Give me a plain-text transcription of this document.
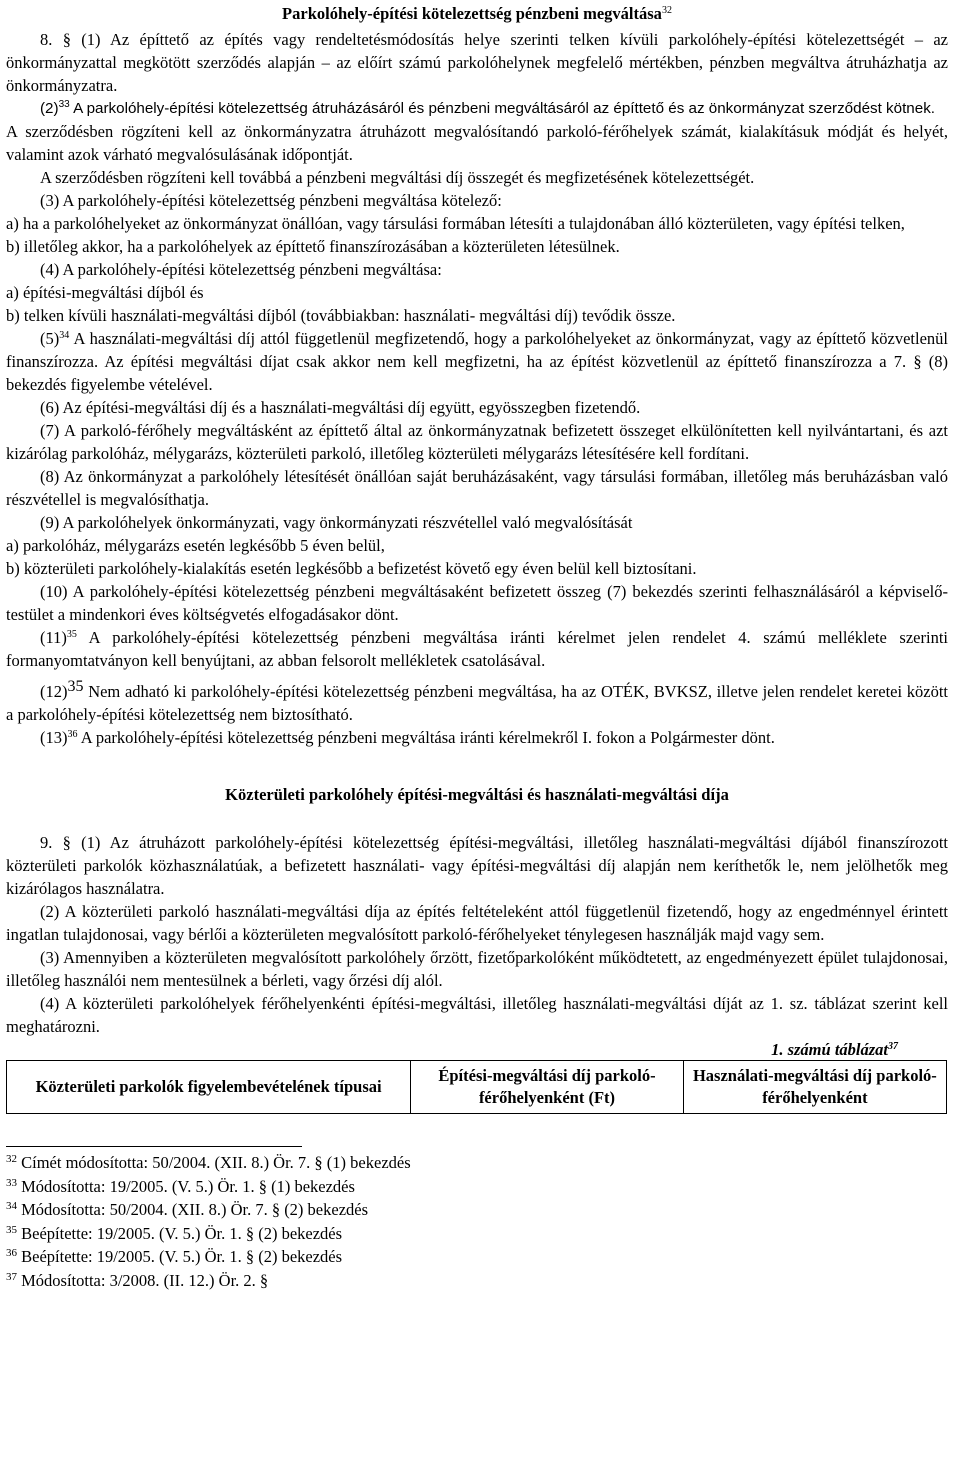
Parkolóhely-építési kötelezettség pénzbeni megváltása$^{32}$

8. § (1) Az építtető az építés vagy rendeltetésmódosítás helye szerinti telken kívüli parkolóhely-építési kötelezettségét – az önkormányzattal megkötött szerződés alapján – az előírt számú parkolóhelynek megfelelő mértékben, pénzben megváltva átruházhatja az önkormányzatra.

$(2)^{33}$ A parkolóhely-építési kötelezettség átruházásáról és pénzbeni megváltásáról az építtető és az önkormányzat szerződést kötnek.

A szerződésben rögzíteni kell az önkormányzatra átruházott megvalósítandó parkoló-férőhelyek számát, kialakításuk módját és helyét, valamint azok várható megvalósulásának időpontját.

A szerződésben rögzíteni kell továbbá a pénzbeni megváltási díj összegét és megfizetésének kötelezettségét.

(3) A parkolóhely-építési kötelezettség pénzbeni megváltása kötelező:

a) ha a parkolóhelyeket az önkormányzat önállóan, vagy társulási formában létesíti a tulajdonában álló közterületen, vagy építési telken,

b) illetőleg akkor, ha a parkolóhelyek az építtető finanszírozásában a közterületen létesülnek.

(4) A parkolóhely-építési kötelezettség pénzbeni megváltása:

a) építési-megváltási díjból és

b) telken kívüli használati-megváltási díjból (továbbiakban: használati- megváltási díj) tevődik össze.

$(5)^{34}$ A használati-megváltási díj attól függetlenül megfizetendő, hogy a parkolóhelyeket az önkormányzat, vagy az építtető közvetlenül finanszírozza. Az építési megváltási díjat csak akkor nem kell megfizetni, ha az építést közvetlenül az építtető finanszírozza a 7. § (8) bekezdés figyelembe vételével.

(6) Az építési-megváltási díj és a használati-megváltási díj együtt, egyösszegben fizetendő.

(7) A parkoló-férőhely megváltásként az építtető által az önkormányzatnak befizetett összeget elkülönítetten kell nyilvántartani, és azt kizárólag parkolóház, mélygarázs, közterületi parkoló, illetőleg közterületi mélygarázs létesítésére kell fordítani.

(8) Az önkormányzat a parkolóhely létesítését önállóan saját beruházásaként, vagy társulási formában, illetőleg más beruházásban való részvétellel is megvalósíthatja.

(9) A parkolóhelyek önkormányzati, vagy önkormányzati részvétellel való megvalósítását

a) parkolóház, mélygarázs esetén legkésőbb 5 éven belül,

b) közterületi parkolóhely-kialakítás esetén legkésőbb a befizetést követő egy éven belül kell biztosítani.

(10) A parkolóhely-építési kötelezettség pénzbeni megváltásaként befizetett összeg (7) bekezdés szerinti felhasználásáról a képviselő-testület a mindenkori éves költségvetés elfogadásakor dönt.

$(11)^{35}$ A parkolóhely-építési kötelezettség pénzbeni megváltása iránti kérelmet jelen rendelet 4. számú melléklete szerinti formanyomtatványon kell benyújtani, az abban felsorolt mellékletek csatolásával.

$(12)^{35}$ Nem adható ki parkolóhely-építési kötelezettség pénzbeni megváltása, ha az OTÉK, BVKSZ, illetve jelen rendelet keretei között a parkolóhely-építési kötelezettség nem biztosítható.

$(13)^{36}$ A parkolóhely-építési kötelezettség pénzbeni megváltása iránti kérelmekről I. fokon a Polgármester dönt.

Közterületi parkolóhely építési-megváltási és használati-megváltási díja

9. § (1) Az átruházott parkolóhely-építési kötelezettség építési-megváltási, illetőleg használati-megváltási díjából finanszírozott közterületi parkolók közhasználatúak, a befizetett használati- vagy építési-megváltási díj alapján nem keríthetők le, nem jelölhetők meg kizárólagos használatra.

(2) A közterületi parkoló használati-megváltási díja az építés feltételeként attól függetlenül fizetendő, hogy az engedménnyel érintett ingatlan tulajdonosai, vagy bérlői a közterületen megvalósított parkoló-férőhelyeket ténylegesen használják majd vagy sem.

(3) Amennyiben a közterületen megvalósított parkolóhely őrzött, fizetőparkolóként működtetett, az engedményezett épület tulajdonosai, illetőleg használói nem mentesülnek a bérleti, vagy őrzési díj alól.

(4) A közterületi parkolóhelyek férőhelyenkénti építési-megváltási, illetőleg használati-megváltási díját az 1. sz. táblázat szerint kell meghatározni.

1. számú táblázat$^{37}$
Közterületi parkolók figyelembevételének típusai	Építési-megváltási díj parkoló-férőhelyenként (Ft)	Használati-megváltási díj parkoló-férőhelyenként

$^{32}$ Címét módosította: 50/2004. (XII. 8.) Ör. 7. § (1) bekezdés

$^{33}$ Módosította: 19/2005. (V. 5.) Ör. 1. § (1) bekezdés

$^{34}$ Módosította: 50/2004. (XII. 8.) Ör. 7. § (2) bekezdés

$^{35}$ Beépítette: 19/2005. (V. 5.) Ör. 1. § (2) bekezdés

$^{36}$ Beépítette: 19/2005. (V. 5.) Ör. 1. § (2) bekezdés

$^{37}$ Módosította: 3/2008. (II. 12.) Ör. 2. §
